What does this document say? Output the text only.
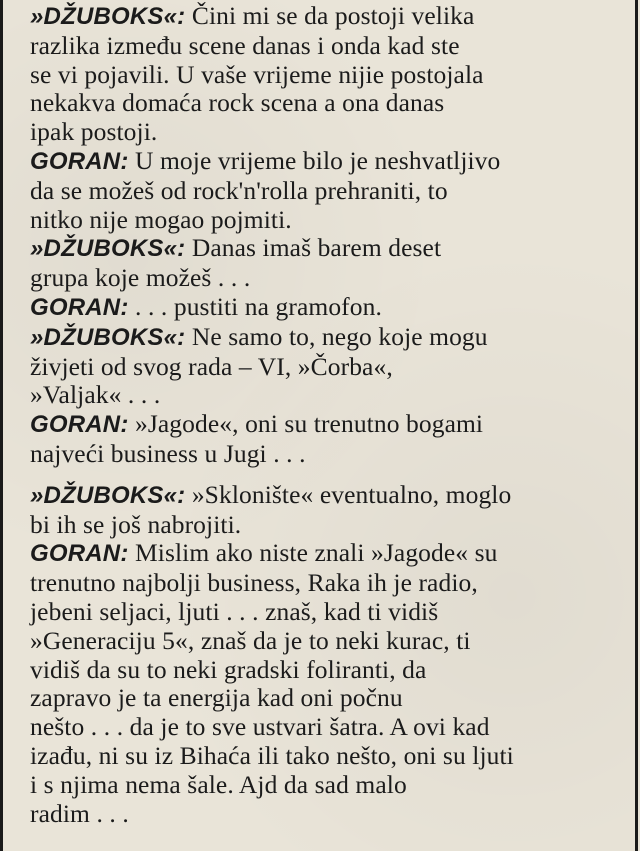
»DŽUBOKS«: Čini mi se da postoji velika
razlika između scene danas i onda kad ste
se vi pojavili. U vaše vrijeme nijie postojala
nekakva domaća rock scena a ona danas
ipak postoji.

GORAN: U moje vrijeme bilo je neshvatljivo
da se možeš od rock'n'rolla prehraniti, to
nitko nije mogao pojmiti.

»DŽUBOKS«: Danas imaš barem deset
grupa koje možeš . . .

GORAN: . . . pustiti na gramofon.

»DŽUBOKS«: Ne samo to, nego koje mogu
živjeti od svog rada – VI, »Čorba«,
»Valjak« . . .

GORAN: »Jagode«, oni su trenutno bogami
najveći business u Jugi . . .

»DŽUBOKS«: »Sklonište« eventualno, moglo
bi ih se još nabrojiti.

GORAN: Mislim ako niste znali »Jagode« su
trenutno najbolji business, Raka ih je radio,
jebeni seljaci, ljuti . . . znaš, kad ti vidiš
»Generaciju 5«, znaš da je to neki kurac, ti
vidiš da su to neki gradski foliranti, da
zapravo je ta energija kad oni počnu
nešto . . . da je to sve ustvari šatra. A ovi kad
izađu, ni su iz Bihaća ili tako nešto, oni su ljuti
i s njima nema šale. Ajd da sad malo
radim . . .
